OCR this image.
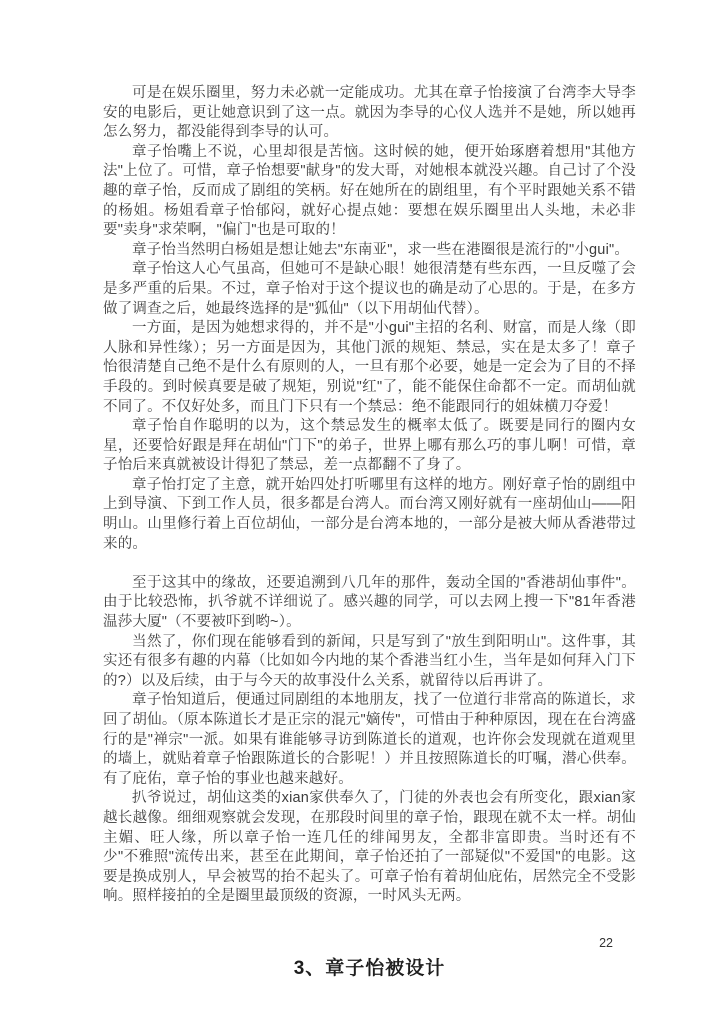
可是在娱乐圈里，努力未必就一定能成功。尤其在章子怡接演了台湾李大导李安的电影后，更让她意识到了这一点。就因为李导的心仪人选并不是她，所以她再怎么努力，都没能得到李导的认可。

章子怡嘴上不说，心里却很是苦恼。这时候的她，便开始琢磨着想用"其他方法"上位了。可惜，章子怡想要"献身"的发大哥，对她根本就没兴趣。自己讨了个没趣的章子怡，反而成了剧组的笑柄。好在她所在的剧组里，有个平时跟她关系不错的杨姐。杨姐看章子怡郁闷，就好心提点她：要想在娱乐圈里出人头地，未必非要"卖身"求荣啊，"偏门"也是可取的！

章子怡当然明白杨姐是想让她去"东南亚"，求一些在港圈很是流行的"小gui"。

章子怡这人心气虽高，但她可不是缺心眼！她很清楚有些东西，一旦反噬了会是多严重的后果。不过，章子怡对于这个提议也的确是动了心思的。于是，在多方做了调查之后，她最终选择的是"狐仙"（以下用胡仙代替）。

一方面，是因为她想求得的，并不是"小gui"主招的名利、财富，而是人缘（即人脉和异性缘）；另一方面是因为，其他门派的规矩、禁忌，实在是太多了！章子怡很清楚自己绝不是什么有原则的人，一旦有那个必要，她是一定会为了目的不择手段的。到时候真要是破了规矩，别说"红"了，能不能保住命都不一定。而胡仙就不同了。不仅好处多，而且门下只有一个禁忌：绝不能跟同行的姐妹横刀夺爱！

章子怡自作聪明的以为，这个禁忌发生的概率太低了。既要是同行的圈内女星，还要恰好跟是拜在胡仙"门下"的弟子，世界上哪有那么巧的事儿啊！可惜，章子怡后来真就被设计得犯了禁忌，差一点都翻不了身了。

章子怡打定了主意，就开始四处打听哪里有这样的地方。刚好章子怡的剧组中上到导演、下到工作人员，很多都是台湾人。而台湾又刚好就有一座胡仙山——阳明山。山里修行着上百位胡仙，一部分是台湾本地的，一部分是被大师从香港带过来的。

至于这其中的缘故，还要追溯到八几年的那件，轰动全国的"香港胡仙事件"。由于比较恐怖，扒爷就不详细说了。感兴趣的同学，可以去网上搜一下"81年香港温莎大厦"（不要被吓到哟~）。

当然了，你们现在能够看到的新闻，只是写到了"放生到阳明山"。这件事，其实还有很多有趣的内幕（比如如今内地的某个香港当红小生，当年是如何拜入门下的?）以及后续，由于与今天的故事没什么关系，就留待以后再讲了。

章子怡知道后，便通过同剧组的本地朋友，找了一位道行非常高的陈道长，求回了胡仙。（原本陈道长才是正宗的混元"嫡传"，可惜由于种种原因，现在在台湾盛行的是"禅宗"一派。如果有谁能够寻访到陈道长的道观，也许你会发现就在道观里的墙上，就贴着章子怡跟陈道长的合影呢！）并且按照陈道长的叮嘱，潜心供奉。有了庇佑，章子怡的事业也越来越好。

扒爷说过，胡仙这类的xian家供奉久了，门徒的外表也会有所变化，跟xian家越长越像。细细观察就会发现，在那段时间里的章子怡，跟现在就不太一样。胡仙主媚、旺人缘，所以章子怡一连几任的绯闻男友，全都非富即贵。当时还有不少"不雅照"流传出来，甚至在此期间，章子怡还拍了一部疑似"不爱国"的电影。这要是换成别人，早会被骂的抬不起头了。可章子怡有着胡仙庇佑，居然完全不受影响。照样接拍的全是圈里最顶级的资源，一时风头无两。

3、章子怡被设计
22
